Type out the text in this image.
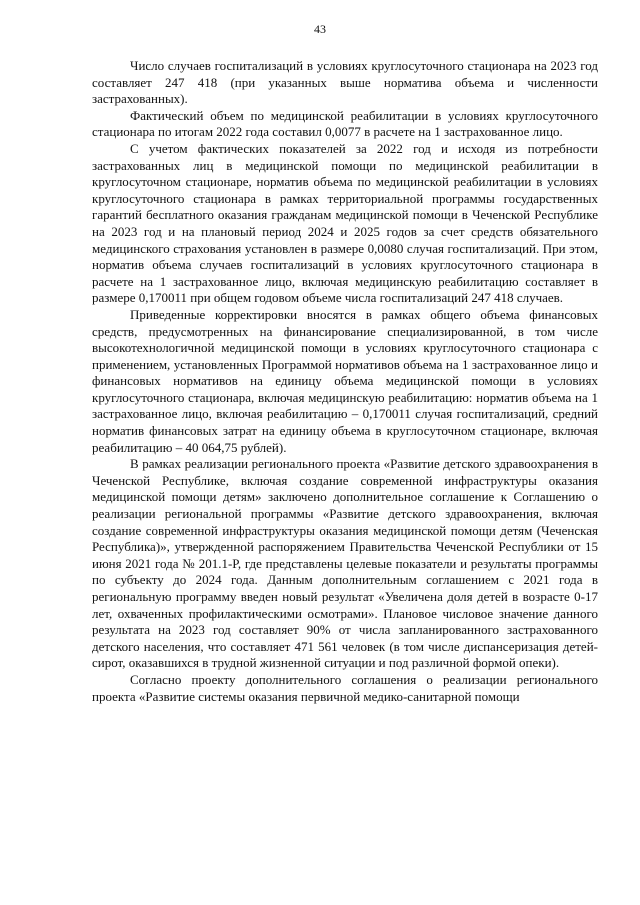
43

Число случаев госпитализаций в условиях круглосуточного стационара на 2023 год составляет 247 418 (при указанных выше норматива объема и численности застрахованных).

Фактический объем по медицинской реабилитации в условиях круглосуточного стационара по итогам 2022 года составил 0,0077 в расчете на 1 застрахованное лицо.

С учетом фактических показателей за 2022 год и исходя из потребности застрахованных лиц в медицинской помощи по медицинской реабилитации в круглосуточном стационаре, норматив объема по медицинской реабилитации в условиях круглосуточного стационара в рамках территориальной программы государственных гарантий бесплатного оказания гражданам медицинской помощи в Чеченской Республике на 2023 год и на плановый период 2024 и 2025 годов за счет средств обязательного медицинского страхования установлен в размере 0,0080 случая госпитализаций. При этом, норматив объема случаев госпитализаций в условиях круглосуточного стационара в расчете на 1 застрахованное лицо, включая медицинскую реабилитацию составляет в размере 0,170011 при общем годовом объеме числа госпитализаций 247 418 случаев.

Приведенные корректировки вносятся в рамках общего объема финансовых средств, предусмотренных на финансирование специализированной, в том числе высокотехнологичной медицинской помощи в условиях круглосуточного стационара с применением, установленных Программой нормативов объема на 1 застрахованное лицо и финансовых нормативов на единицу объема медицинской помощи в условиях круглосуточного стационара, включая медицинскую реабилитацию: норматив объема на 1 застрахованное лицо, включая реабилитацию – 0,170011 случая госпитализаций, средний норматив финансовых затрат на единицу объема в круглосуточном стационаре, включая реабилитацию – 40 064,75 рублей).

В рамках реализации регионального проекта «Развитие детского здравоохранения в Чеченской Республике, включая создание современной инфраструктуры оказания медицинской помощи детям» заключено дополнительное соглашение к Соглашению о реализации региональной программы «Развитие детского здравоохранения, включая создание современной инфраструктуры оказания медицинской помощи детям (Чеченская Республика)», утвержденной распоряжением Правительства Чеченской Республики от 15 июня 2021 года № 201.1-Р, где представлены целевые показатели и результаты программы по субъекту до 2024 года. Данным дополнительным соглашением с 2021 года в региональную программу введен новый результат «Увеличена доля детей в возрасте 0-17 лет, охваченных профилактическими осмотрами». Плановое числовое значение данного результата на 2023 год составляет 90% от числа запланированного застрахованного детского населения, что составляет 471 561 человек (в том числе диспансеризация детей-сирот, оказавшихся в трудной жизненной ситуации и под различной формой опеки).

Согласно проекту дополнительного соглашения о реализации регионального проекта «Развитие системы оказания первичной медико-санитарной помощи
